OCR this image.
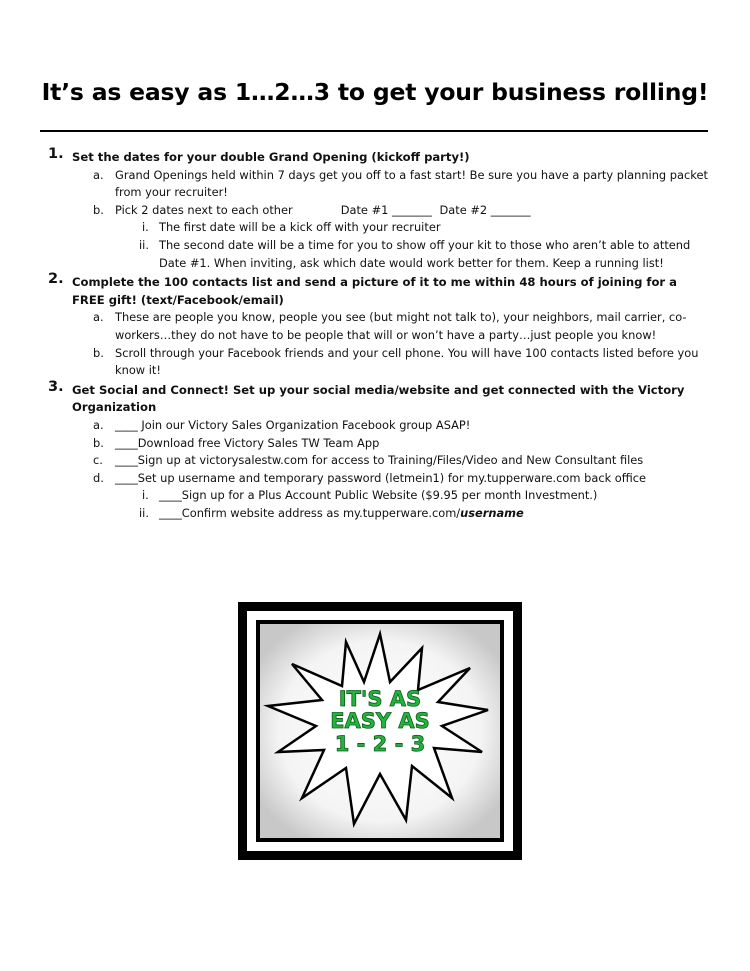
It’s as easy as 1…2…3 to get your business rolling!
1. Set the dates for your double Grand Opening (kickoff party!)
a. Grand Openings held within 7 days get you off to a fast start! Be sure you have a party planning packet from your recruiter!
b. Pick 2 dates next to each other	Date #1 _______ Date #2 _______
i. The first date will be a kick off with your recruiter
ii. The second date will be a time for you to show off your kit to those who aren’t able to attend Date #1. When inviting, ask which date would work better for them. Keep a running list!
2. Complete the 100 contacts list and send a picture of it to me within 48 hours of joining for a FREE gift! (text/Facebook/email)
a. These are people you know, people you see (but might not talk to), your neighbors, mail carrier, co-workers…they do not have to be people that will or won’t have a party…just people you know!
b. Scroll through your Facebook friends and your cell phone. You will have 100 contacts listed before you know it!
3. Get Social and Connect! Set up your social media/website and get connected with the Victory Organization
a. ____ Join our Victory Sales Organization Facebook group ASAP!
b. ____Download free Victory Sales TW Team App
c. ____Sign up at victorysalestw.com for access to Training/Files/Video and New Consultant files
d. ____Set up username and temporary password (letmein1) for my.tupperware.com back office
i. ____Sign up for a Plus Account Public Website ($9.95 per month Investment.)
ii. ____Confirm website address as my.tupperware.com/username
IT'S AS
EASY AS
1 - 2 - 3
